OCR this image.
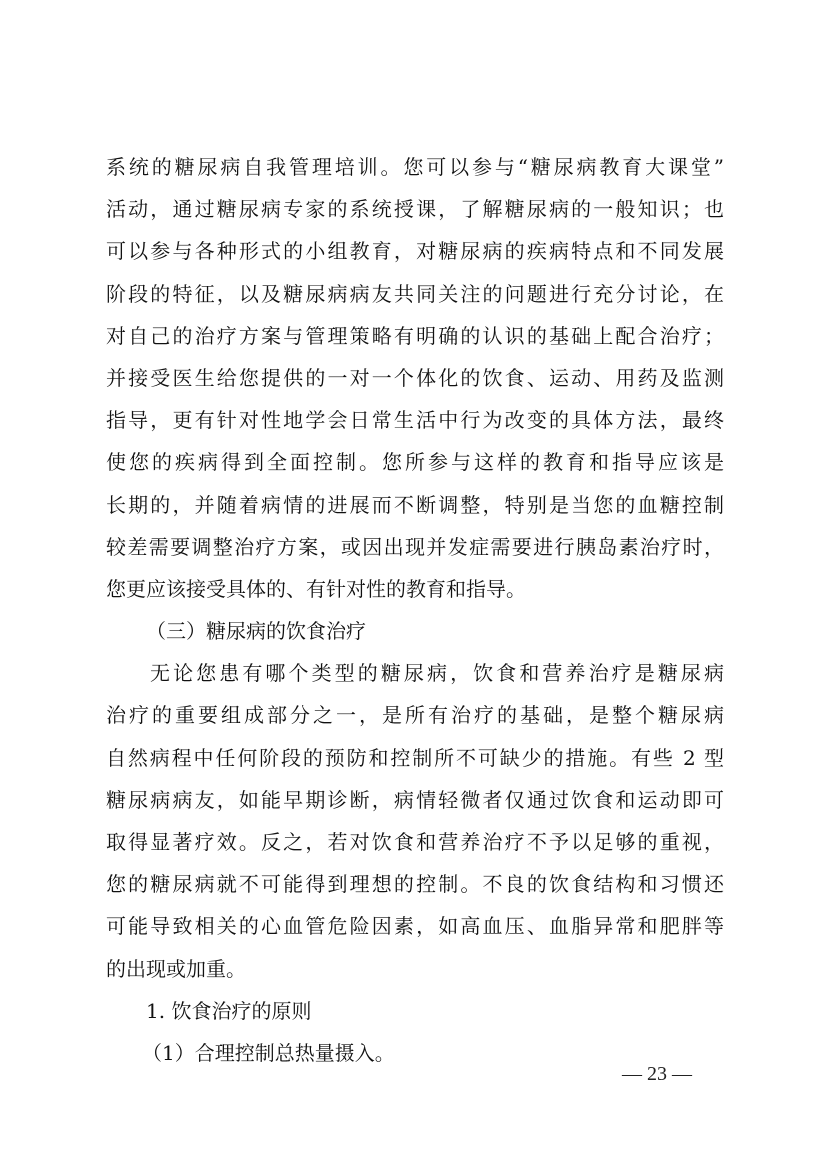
系统的糖尿病自我管理培训。您可以参与“糖尿病教育大课堂”
活动，通过糖尿病专家的系统授课，了解糖尿病的一般知识；也
可以参与各种形式的小组教育，对糖尿病的疾病特点和不同发展
阶段的特征，以及糖尿病病友共同关注的问题进行充分讨论，在
对自己的治疗方案与管理策略有明确的认识的基础上配合治疗；
并接受医生给您提供的一对一个体化的饮食、运动、用药及监测
指导，更有针对性地学会日常生活中行为改变的具体方法，最终
使您的疾病得到全面控制。您所参与这样的教育和指导应该是
长期的，并随着病情的进展而不断调整，特别是当您的血糖控制
较差需要调整治疗方案，或因出现并发症需要进行胰岛素治疗时，
您更应该接受具体的、有针对性的教育和指导。
（三）糖尿病的饮食治疗
无论您患有哪个类型的糖尿病，饮食和营养治疗是糖尿病
治疗的重要组成部分之一，是所有治疗的基础，是整个糖尿病
自然病程中任何阶段的预防和控制所不可缺少的措施。有些 2 型
糖尿病病友，如能早期诊断，病情轻微者仅通过饮食和运动即可
取得显著疗效。反之，若对饮食和营养治疗不予以足够的重视，
您的糖尿病就不可能得到理想的控制。不良的饮食结构和习惯还
可能导致相关的心血管危险因素，如高血压、血脂异常和肥胖等
的出现或加重。
1. 饮食治疗的原则
（1）合理控制总热量摄入。
— 23 —
